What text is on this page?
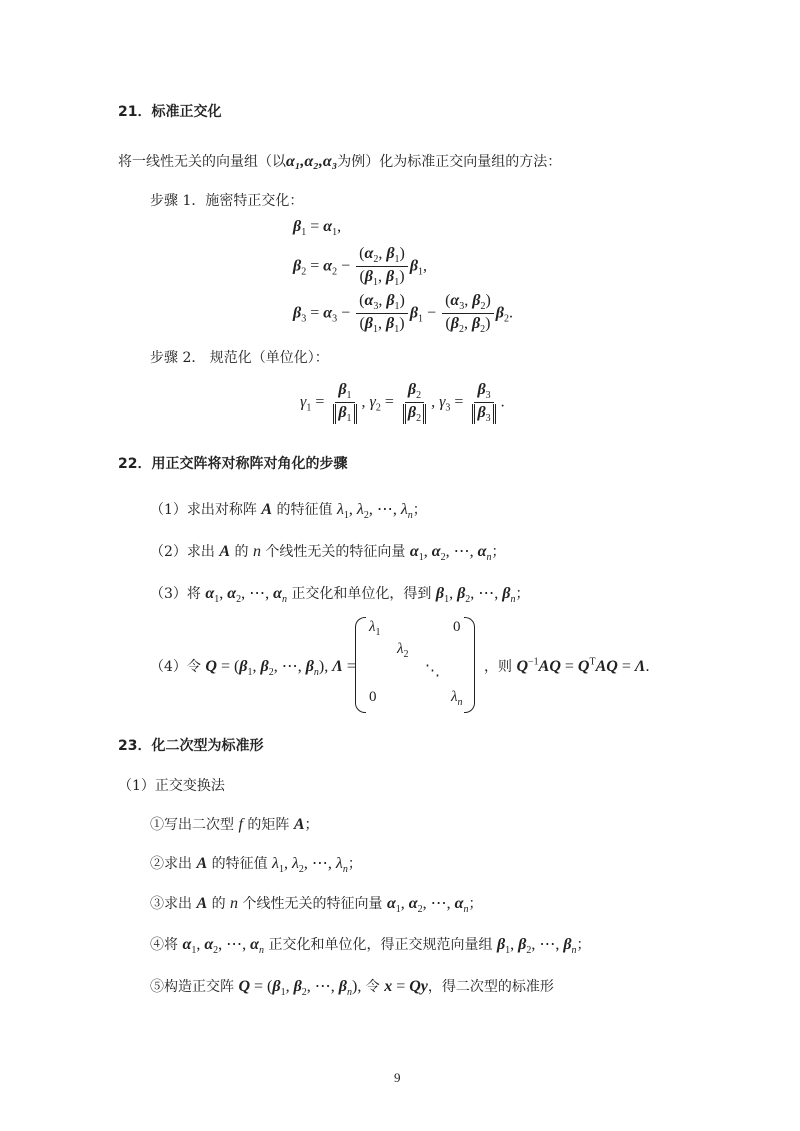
21．标准正交化
将一线性无关的向量组（以α₁,α₂,α₃为例）化为标准正交向量组的方法：
步骤 1．施密特正交化：
$\beta_1 = \alpha_1$,
$\beta_2 = \alpha_2 - \frac{(\alpha_2, \beta_1)}{(\beta_1, \beta_1)} \beta_1$,
$\beta_3 = \alpha_3 - \frac{(\alpha_3, \beta_1)}{(\beta_1, \beta_1)} \beta_1 - \frac{(\alpha_3, \beta_2)}{(\beta_2, \beta_2)} \beta_2$.
步骤 2． 规范化（单位化）：
$\gamma_1 = \frac{\beta_1}{\beta_1}$ , $\gamma_2 = \frac{\beta_2}{\beta_2}$ , $\gamma_3 = \frac{\beta_3}{\beta_3}$ .
22．用正交阵将对称阵对角化的步骤
（1）求出对称阵 A 的特征值 $\lambda_1$, $\lambda_2$, ⋯, $\lambda_n$；
（2）求出 A 的 n 个线性无关的特征向量 $\alpha_1$, $\alpha_2$, ⋯, $\alpha_n$；
（3）将 $\alpha_1$, $\alpha_2$, ⋯, $\alpha_n$ 正交化和单位化，得到 $\beta_1$, $\beta_2$, ⋯, $\beta_n$；
（4）令 $Q = (\beta_1$, $\beta_2$, ⋯, $\beta_n$), Λ =
$\lambda_1$	0
$\lambda_2$
⋱
0	$\lambda_n$
，则 $Q^{-1}AQ = Q^TAQ = \Lambda$.
23．化二次型为标准形
（1）正交变换法
①写出二次型 f 的矩阵 A；
②求出 A 的特征值 $\lambda_1$, $\lambda_2$, ⋯, $\lambda_n$；
③求出 A 的 n 个线性无关的特征向量 $\alpha_1$, $\alpha_2$, ⋯, $\alpha_n$；
④将 $\alpha_1$, $\alpha_2$, ⋯, $\alpha_n$ 正交化和单位化，得正交规范向量组 $\beta_1$, $\beta_2$, ⋯, $\beta_n$；
⑤构造正交阵 $Q = (\beta_1$, $\beta_2$, ⋯, $\beta_n$), 令 x = Qy，得二次型的标准形
9
